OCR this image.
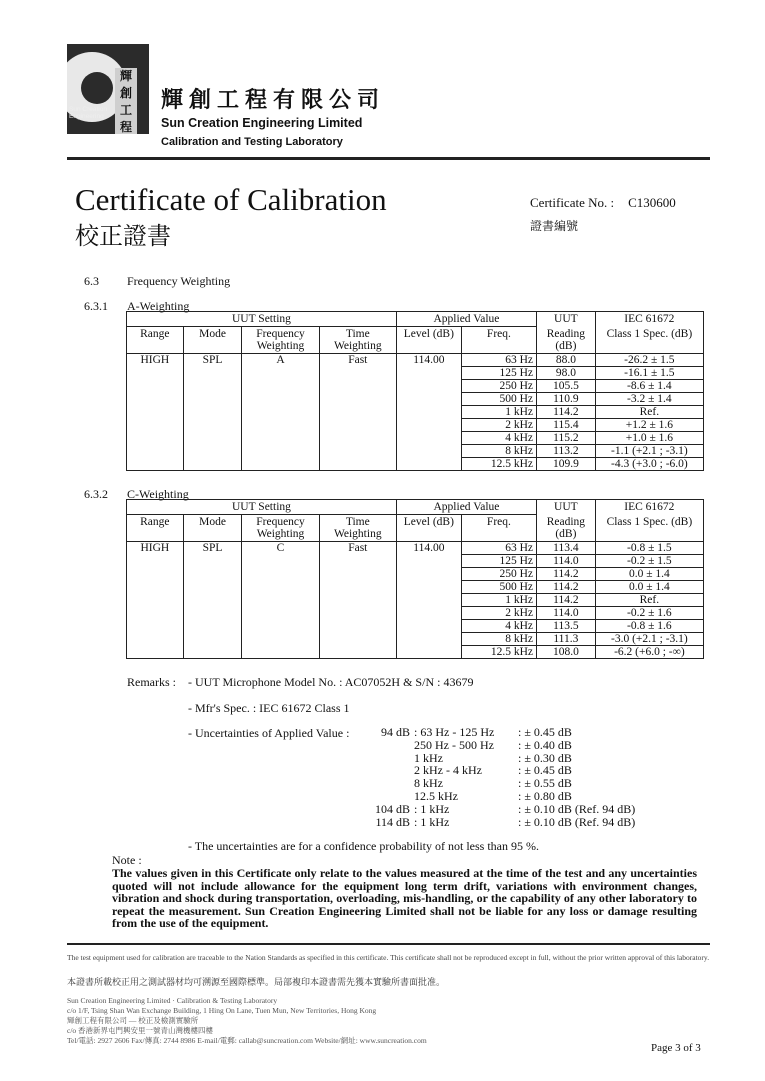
輝
創
工
程
Sun Creation Engineering
輝創工程有限公司
Sun Creation Engineering Limited
Calibration and Testing Laboratory
Certificate of Calibration
校正證書
Certificate No. : C130600
證書編號
6.3 Frequency Weighting
6.3.1 A-Weighting
UUT Setting				Applied Value		UUT	IEC 61672
Range	Mode	Frequency Weighting	Time Weighting	Level (dB)	Freq.	Reading (dB)	Class 1 Spec. (dB)
HIGH	SPL	A	Fast	114.00	63 Hz	88.0	-26.2 ± 1.5
					125 Hz	98.0	-16.1 ± 1.5
					250 Hz	105.5	-8.6 ± 1.4
					500 Hz	110.9	-3.2 ± 1.4
					1 kHz	114.2	Ref.
					2 kHz	115.4	+1.2 ± 1.6
					4 kHz	115.2	+1.0 ± 1.6
					8 kHz	113.2	-1.1 (+2.1 ; -3.1)
					12.5 kHz	109.9	-4.3 (+3.0 ; -6.0)
6.3.2 C-Weighting
UUT Setting				Applied Value		UUT	IEC 61672
Range	Mode	Frequency Weighting	Time Weighting	Level (dB)	Freq.	Reading (dB)	Class 1 Spec. (dB)
HIGH	SPL	C	Fast	114.00	63 Hz	113.4	-0.8 ± 1.5
					125 Hz	114.0	-0.2 ± 1.5
					250 Hz	114.2	0.0 ± 1.4
					500 Hz	114.2	0.0 ± 1.4
					1 kHz	114.2	Ref.
					2 kHz	114.0	-0.2 ± 1.6
					4 kHz	113.5	-0.8 ± 1.6
					8 kHz	111.3	-3.0 (+2.1 ; -3.1)
					12.5 kHz	108.0	-6.2 (+6.0 ; -∞)
Remarks : - UUT Microphone Model No. : AC07052H & S/N : 43679
- Mfr's Spec. : IEC 61672 Class 1
- Uncertainties of Applied Value :	94 dB : 63 Hz - 125 Hz : ± 0.45 dB
250 Hz - 500 Hz : ± 0.40 dB
1 kHz	: ± 0.30 dB
2 kHz - 4 kHz	: ± 0.45 dB
8 kHz	: ± 0.55 dB
12.5 kHz	: ± 0.80 dB
104 dB : 1 kHz	: ± 0.10 dB (Ref. 94 dB)
114 dB : 1 kHz	: ± 0.10 dB (Ref. 94 dB)
- The uncertainties are for a confidence probability of not less than 95 %.
Note :
The values given in this Certificate only relate to the values measured at the time of the test and any uncertainties quoted will not include allowance for the equipment long term drift, variations with environment changes, vibration and shock during transportation, overloading, mis-handling, or the capability of any other laboratory to repeat the measurement. Sun Creation Engineering Limited shall not be liable for any loss or damage resulting from the use of the equipment.
The test equipment used for calibration are traceable to the Nation Standards as specified in this certificate. This certificate shall not be reproduced except in full, without the prior written approval of this laboratory.
本證書所載校正用之測試器材均可溯源至國際標準。局部複印本證書需先獲本實驗所書面批准。
Sun Creation Engineering Limited · Calibration & Testing Laboratory
c/o 1/F, Tsing Shan Wan Exchange Building, 1 Hing On Lane, Tuen Mun, New Territories, Hong Kong
輝創工程有限公司 — 校正及檢測實驗所
c/o 香港新界屯門興安里一號青山灣機樓四樓
Tel/電話: 2927 2606 Fax/傳真: 2744 8986 E-mail/電郵: callab@suncreation.com Website/網址: www.suncreation.com
Page 3 of 3
